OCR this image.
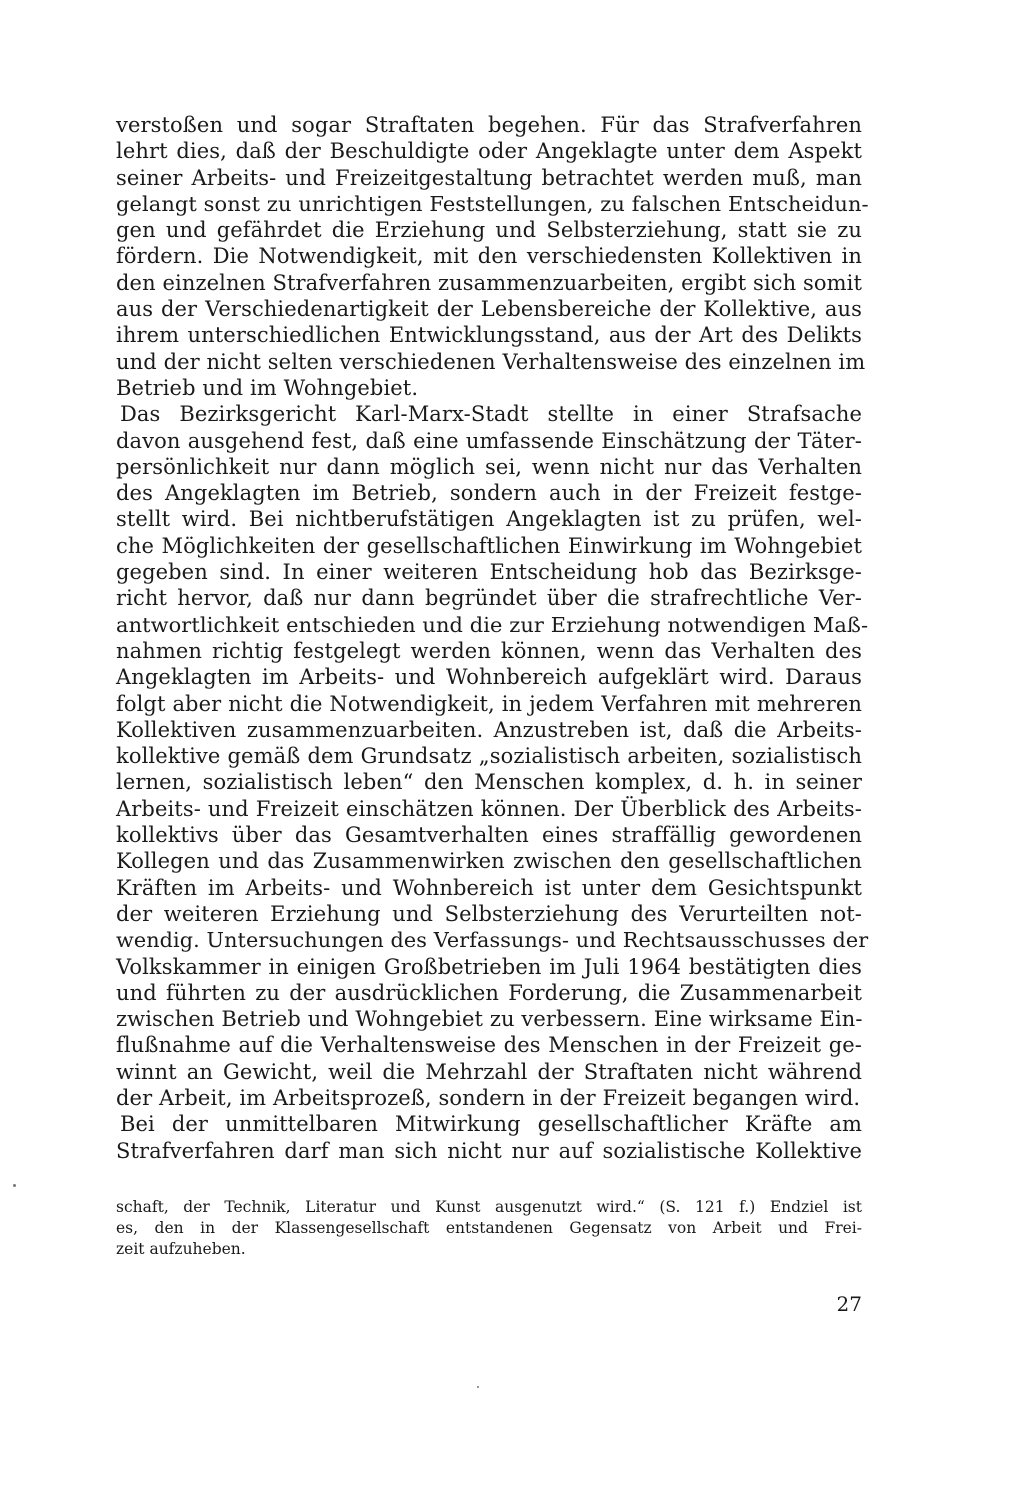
verstoßen und sogar Straftaten begehen. Für das Strafverfahren
lehrt dies, daß der Beschuldigte oder Angeklagte unter dem Aspekt
seiner Arbeits- und Freizeitgestaltung betrachtet werden muß, man
gelangt sonst zu unrichtigen Feststellungen, zu falschen Entscheidun-
gen und gefährdet die Erziehung und Selbsterziehung, statt sie zu
fördern. Die Notwendigkeit, mit den verschiedensten Kollektiven in
den einzelnen Strafverfahren zusammenzuarbeiten, ergibt sich somit
aus der Verschiedenartigkeit der Lebensbereiche der Kollektive, aus
ihrem unterschiedlichen Entwicklungsstand, aus der Art des Delikts
und der nicht selten verschiedenen Verhaltensweise des einzelnen im
Betrieb und im Wohngebiet.
Das Bezirksgericht Karl-Marx-Stadt stellte in einer Strafsache
davon ausgehend fest, daß eine umfassende Einschätzung der Täter-
persönlichkeit nur dann möglich sei, wenn nicht nur das Verhalten
des Angeklagten im Betrieb, sondern auch in der Freizeit festge-
stellt wird. Bei nichtberufstätigen Angeklagten ist zu prüfen, wel-
che Möglichkeiten der gesellschaftlichen Einwirkung im Wohngebiet
gegeben sind. In einer weiteren Entscheidung hob das Bezirksge-
richt hervor, daß nur dann begründet über die strafrechtliche Ver-
antwortlichkeit entschieden und die zur Erziehung notwendigen Maß-
nahmen richtig festgelegt werden können, wenn das Verhalten des
Angeklagten im Arbeits- und Wohnbereich aufgeklärt wird. Daraus
folgt aber nicht die Notwendigkeit, in jedem Verfahren mit mehreren
Kollektiven zusammenzuarbeiten. Anzustreben ist, daß die Arbeits-
kollektive gemäß dem Grundsatz „sozialistisch arbeiten, sozialistisch
lernen, sozialistisch leben“ den Menschen komplex, d. h. in seiner
Arbeits- und Freizeit einschätzen können. Der Überblick des Arbeits-
kollektivs über das Gesamtverhalten eines straffällig gewordenen
Kollegen und das Zusammenwirken zwischen den gesellschaftlichen
Kräften im Arbeits- und Wohnbereich ist unter dem Gesichtspunkt
der weiteren Erziehung und Selbsterziehung des Verurteilten not-
wendig. Untersuchungen des Verfassungs- und Rechtsausschusses der
Volkskammer in einigen Großbetrieben im Juli 1964 bestätigten dies
und führten zu der ausdrücklichen Forderung, die Zusammenarbeit
zwischen Betrieb und Wohngebiet zu verbessern. Eine wirksame Ein-
flußnahme auf die Verhaltensweise des Menschen in der Freizeit ge-
winnt an Gewicht, weil die Mehrzahl der Straftaten nicht während
der Arbeit, im Arbeitsprozeß, sondern in der Freizeit begangen wird.
Bei der unmittelbaren Mitwirkung gesellschaftlicher Kräfte am
Strafverfahren darf man sich nicht nur auf sozialistische Kollektive
schaft, der Technik, Literatur und Kunst ausgenutzt wird.“ (S. 121 f.) Endziel ist
es, den in der Klassengesellschaft entstandenen Gegensatz von Arbeit und Frei-
zeit aufzuheben.
27
